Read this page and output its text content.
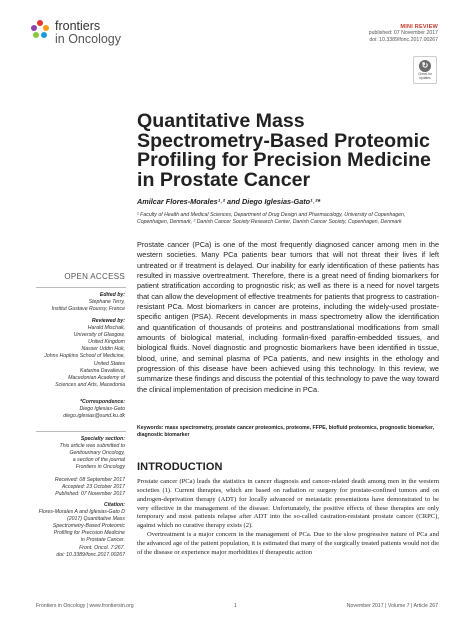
frontiers
in Oncology
MINI REVIEW
published: 07 November 2017
doi: 10.3389/fonc.2017.00267
↻
Check for updates
Quantitative Mass Spectrometry-Based Proteomic Profiling for Precision Medicine in Prostate Cancer
Amilcar Flores-Morales¹˒² and Diego Iglesias-Gato¹˒²*
¹ Faculty of Health and Medical Sciences, Department of Drug Design and Pharmacology, University of Copenhagen, Copenhagen, Denmark, ² Danish Cancer Society Research Center, Danish Cancer Society, Copenhagen, Denmark
Prostate cancer (PCa) is one of the most frequently diagnosed cancer among men in the western societies. Many PCa patients bear tumors that will not threat their lives if left untreated or if treatment is delayed. Our inability for early identification of these patients has resulted in massive overtreatment. Therefore, there is a great need of finding biomarkers for patient stratification according to prognostic risk; as well as there is a need for novel targets that can allow the development of effective treatments for patients that progress to castration-resistant PCa. Most biomarkers in cancer are proteins, including the widely-used prostate-specific antigen (PSA). Recent developments in mass spectrometry allow the identification and quantification of thousands of proteins and posttranslational modifications from small amounts of biological material, including formalin-fixed paraffin-embedded tissues, and biological fluids. Novel diagnostic and prognostic biomarkers have been identified in tissue, blood, urine, and seminal plasma of PCa patients, and new insights in the ethology and progression of this disease have been achieved using this technology. In this review, we summarize these findings and discuss the potential of this technology to pave the way toward the clinical implementation of precision medicine in PCa.
Keywords: mass spectrometry, prostate cancer proteomics, proteome, FFPE, biofluid proteomics, prognostic biomarker, diagnostic biomarker
INTRODUCTION

Prostate cancer (PCa) leads the statistics in cancer diagnosis and cancer-related death among men in the western societies (1). Current therapies, which are based on radiation or surgery for prostate-confined tumors and on androgen-deprivation therapy (ADT) for locally advanced or metastatic presentations have demonstrated to be very effective in the management of the disease. Unfortunately, the positive effects of these therapies are only temporary and most patients relapse after ADT into the so-called castration-resistant prostate cancer (CRPC), against which no curative therapy exists (2).

Overtreatment is a major concern in the management of PCa. Due to the slow progressive nature of PCa and the advanced age of the patient population, it is estimated that many of the surgically treated patients would not die of the disease or experience major morbidities if therapeutic action

OPEN ACCESS
Edited by:
Stephane Terry,
Institut Gustave Roussy, France
Reviewed by:
Harald Mischak,
University of Glasgow,
United Kingdom
Nasser Uddin Hok,
Johns Hopkins School of Medicine,
United States
Katarina Davalieva,
Macedonian Academy of
Sciences and Arts, Macedonia
*Correspondence:
Diego Iglesias-Gato
diego.iglesias@sund.ku.dk
Specialty section:
This article was submitted to
Genitourinary Oncology,
a section of the journal
Frontiers in Oncology
Received: 08 September 2017
Accepted: 23 October 2017
Published: 07 November 2017
Citation:
Flores-Morales A and Iglesias-Gato D
(2017) Quantitative Mass
Spectrometry-Based Proteomic
Profiling for Precision Medicine
in Prostate Cancer.
Front. Oncol. 7:267.
doi: 10.3389/fonc.2017.00267
Frontiers in Oncology | www.frontiersin.org	1	November 2017 | Volume 7 | Article 267
